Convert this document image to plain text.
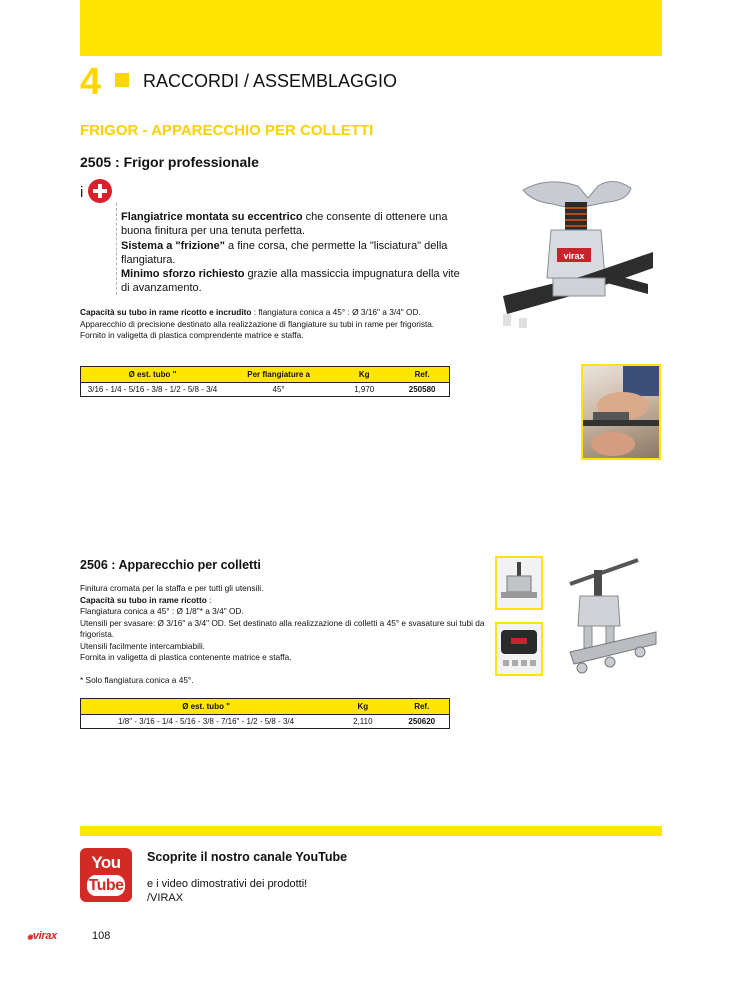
4 RACCORDI / ASSEMBLAGGIO
FRIGOR - APPARECCHIO PER COLLETTI
2505 : Frigor professionale
i

Flangiatrice montata su eccentrico che consente di ottenere una buona finitura per una tenuta perfetta.

Sistema a "frizione" a fine corsa, che permette la "lisciatura" della flangiatura.

Minimo sforzo richiesto grazie alla massiccia impugnatura della vite di avanzamento.

Capacità su tubo in rame ricotto e incrudito : flangiatura conica a 45° : Ø 3/16" a 3/4" OD.
Apparecchio di precisione destinato alla realizzazione di flangiature su tubi in rame per frigorista.
Fornito in valigetta di plastica comprendente matrice e staffa.
Ø est. tubo "	Per flangiature a	Kg	Ref.
3/16 - 1/4 - 5/16 - 3/8 - 1/2 - 5/8 - 3/4	45°	1,970	250580
virax
2506 : Apparecchio per colletti
Finitura cromata per la staffa e per tutti gli utensili.
Capacità su tubo in rame ricotto :
Flangiatura conica a 45° : Ø 1/8"* a 3/4" OD.
Utensili per svasare: Ø 3/16" a 3/4" OD. Set destinato alla realizzazione di colletti a 45° e svasature sui tubi da frigorista.
Utensili facilmente intercambiabili.
Fornita in valigetta di plastica contenente matrice e staffa.
* Solo flangiatura conica a 45°.
Ø est. tubo "	Kg	Ref.
1/8" - 3/16 - 1/4 - 5/16 - 3/8 - 7/16" - 1/2 - 5/8 - 3/4	2,110	250620
You
Tube
Scoprite il nostro canale YouTube
e i video dimostrativi dei prodotti!
/VIRAX
◉virax	108
